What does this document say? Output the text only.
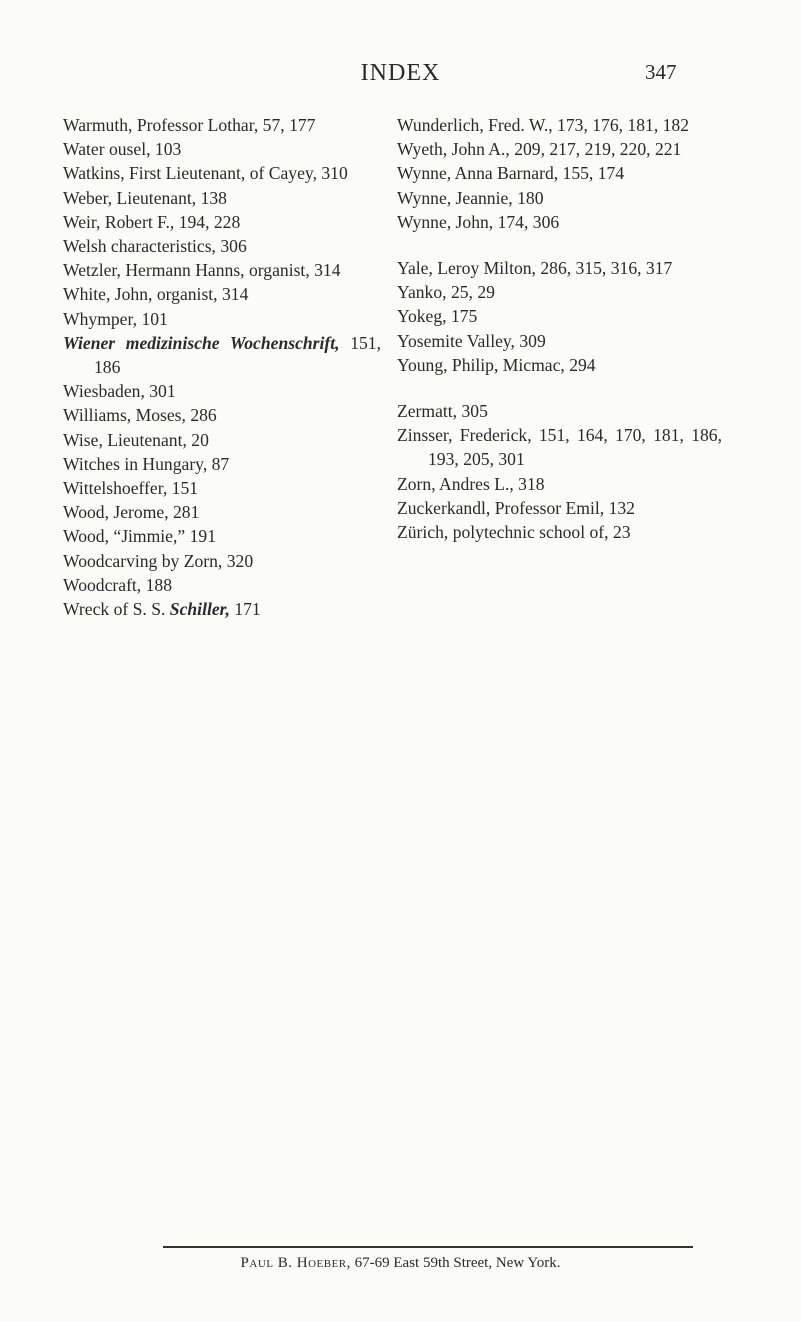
INDEX	347
Warmuth, Professor Lothar, 57, 177
Water ousel, 103
Watkins, First Lieutenant, of Cayey, 310
Weber, Lieutenant, 138
Weir, Robert F., 194, 228
Welsh characteristics, 306
Wetzler, Hermann Hanns, organist, 314
White, John, organist, 314
Whymper, 101
Wiener medizinische Wochenschrift, 151, 186
Wiesbaden, 301
Williams, Moses, 286
Wise, Lieutenant, 20
Witches in Hungary, 87
Wittelshoeffer, 151
Wood, Jerome, 281
Wood, “Jimmie,” 191
Woodcarving by Zorn, 320
Woodcraft, 188
Wreck of S. S. Schiller, 171
Wunderlich, Fred. W., 173, 176, 181, 182
Wyeth, John A., 209, 217, 219, 220, 221
Wynne, Anna Barnard, 155, 174
Wynne, Jeannie, 180
Wynne, John, 174, 306
Yale, Leroy Milton, 286, 315, 316, 317
Yanko, 25, 29
Yokeg, 175
Yosemite Valley, 309
Young, Philip, Micmac, 294
Zermatt, 305
Zinsser, Frederick, 151, 164, 170, 181, 186, 193, 205, 301
Zorn, Andres L., 318
Zuckerkandl, Professor Emil, 132
Zürich, polytechnic school of, 23
Paul B. Hoeber, 67-69 East 59th Street, New York.
